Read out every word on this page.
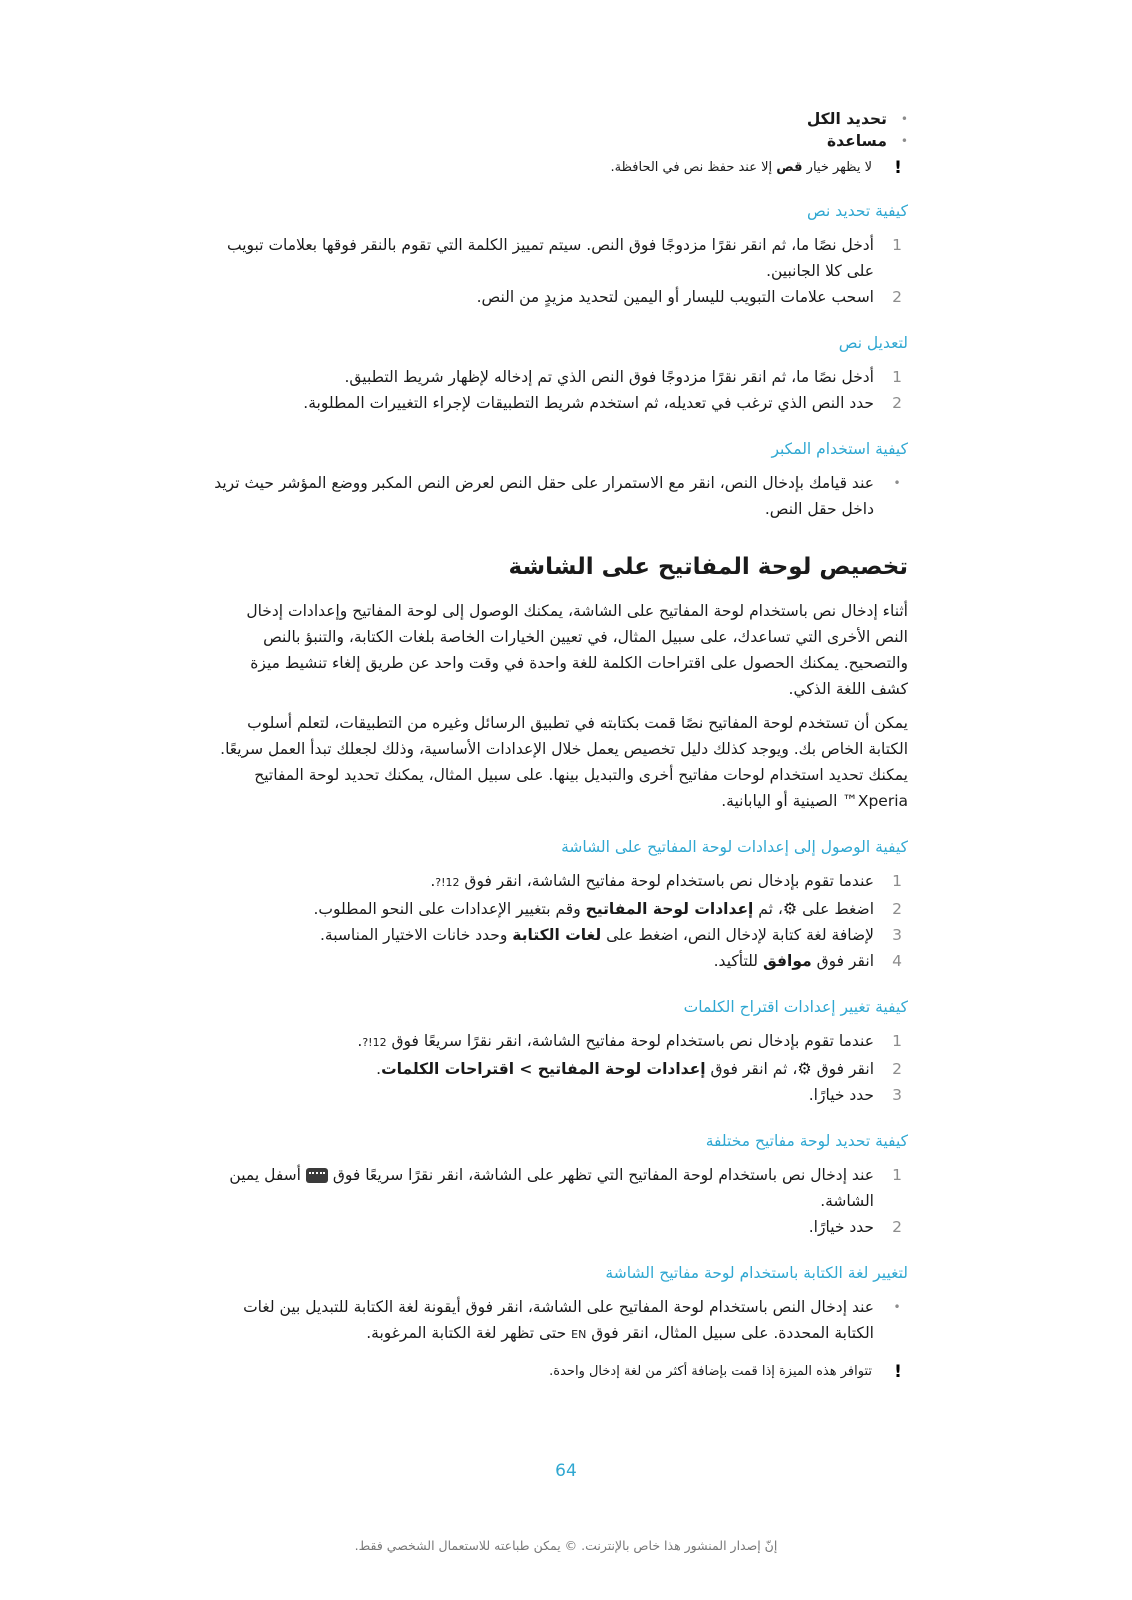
•
تحديد الكل
•
مساعدة
!
لا يظهر خيار قص إلا عند حفظ نص في الحافظة.
كيفية تحديد نص
1
أدخل نصًا ما، ثم انقر نقرًا مزدوجًا فوق النص. سيتم تمييز الكلمة التي تقوم بالنقر فوقها بعلامات تبويب على كلا الجانبين.
2
اسحب علامات التبويب لليسار أو اليمين لتحديد مزيدٍ من النص.
لتعديل نص
1
أدخل نصًا ما، ثم انقر نقرًا مزدوجًا فوق النص الذي تم إدخاله لإظهار شريط التطبيق.
2
حدد النص الذي ترغب في تعديله، ثم استخدم شريط التطبيقات لإجراء التغييرات المطلوبة.
كيفية استخدام المكبر
•
عند قيامك بإدخال النص، انقر مع الاستمرار على حقل النص لعرض النص المكبر ووضع المؤشر حيث تريد داخل حقل النص.
تخصيص لوحة المفاتيح على الشاشة

أثناء إدخال نص باستخدام لوحة المفاتيح على الشاشة، يمكنك الوصول إلى لوحة المفاتيح وإعدادات إدخال النص الأخرى التي تساعدك، على سبيل المثال، في تعيين الخيارات الخاصة بلغات الكتابة، والتنبؤ بالنص والتصحيح. يمكنك الحصول على اقتراحات الكلمة للغة واحدة في وقت واحد عن طريق إلغاء تنشيط ميزة كشف اللغة الذكي.

يمكن أن تستخدم لوحة المفاتيح نصًا قمت بكتابته في تطبيق الرسائل وغيره من التطبيقات، لتعلم أسلوب الكتابة الخاص بك. ويوجد كذلك دليل تخصيص يعمل خلال الإعدادات الأساسية، وذلك لجعلك تبدأ العمل سريعًا. يمكنك تحديد استخدام لوحات مفاتيح أخرى والتبديل بينها. على سبيل المثال، يمكنك تحديد لوحة المفاتيح Xperia™ الصينية أو اليابانية.

كيفية الوصول إلى إعدادات لوحة المفاتيح على الشاشة
1
عندما تقوم بإدخال نص باستخدام لوحة مفاتيح الشاشة، انقر فوق 12!?.
2
اضغط على ⚙، ثم إعدادات لوحة المفاتيح وقم بتغيير الإعدادات على النحو المطلوب.
3
لإضافة لغة كتابة لإدخال النص، اضغط على لغات الكتابة وحدد خانات الاختيار المناسبة.
4
انقر فوق موافق للتأكيد.
كيفية تغيير إعدادات اقتراح الكلمات
1
عندما تقوم بإدخال نص باستخدام لوحة مفاتيح الشاشة، انقر نقرًا سريعًا فوق 12!?.
2
انقر فوق ⚙، ثم انقر فوق إعدادات لوحة المفاتيح > اقتراحات الكلمات.
3
حدد خيارًا.
كيفية تحديد لوحة مفاتيح مختلفة
1
عند إدخال نص باستخدام لوحة المفاتيح التي تظهر على الشاشة، انقر نقرًا سريعًا فوق  أسفل يمين الشاشة.
2
حدد خيارًا.
لتغيير لغة الكتابة باستخدام لوحة مفاتيح الشاشة
•
عند إدخال النص باستخدام لوحة المفاتيح على الشاشة، انقر فوق أيقونة لغة الكتابة للتبديل بين لغات الكتابة المحددة. على سبيل المثال، انقر فوق EN حتى تظهر لغة الكتابة المرغوبة.
!
تتوافر هذه الميزة إذا قمت بإضافة أكثر من لغة إدخال واحدة.
64
إنّ إصدار المنشور هذا خاص بالإنترنت. © يمكن طباعته للاستعمال الشخصي فقط.
